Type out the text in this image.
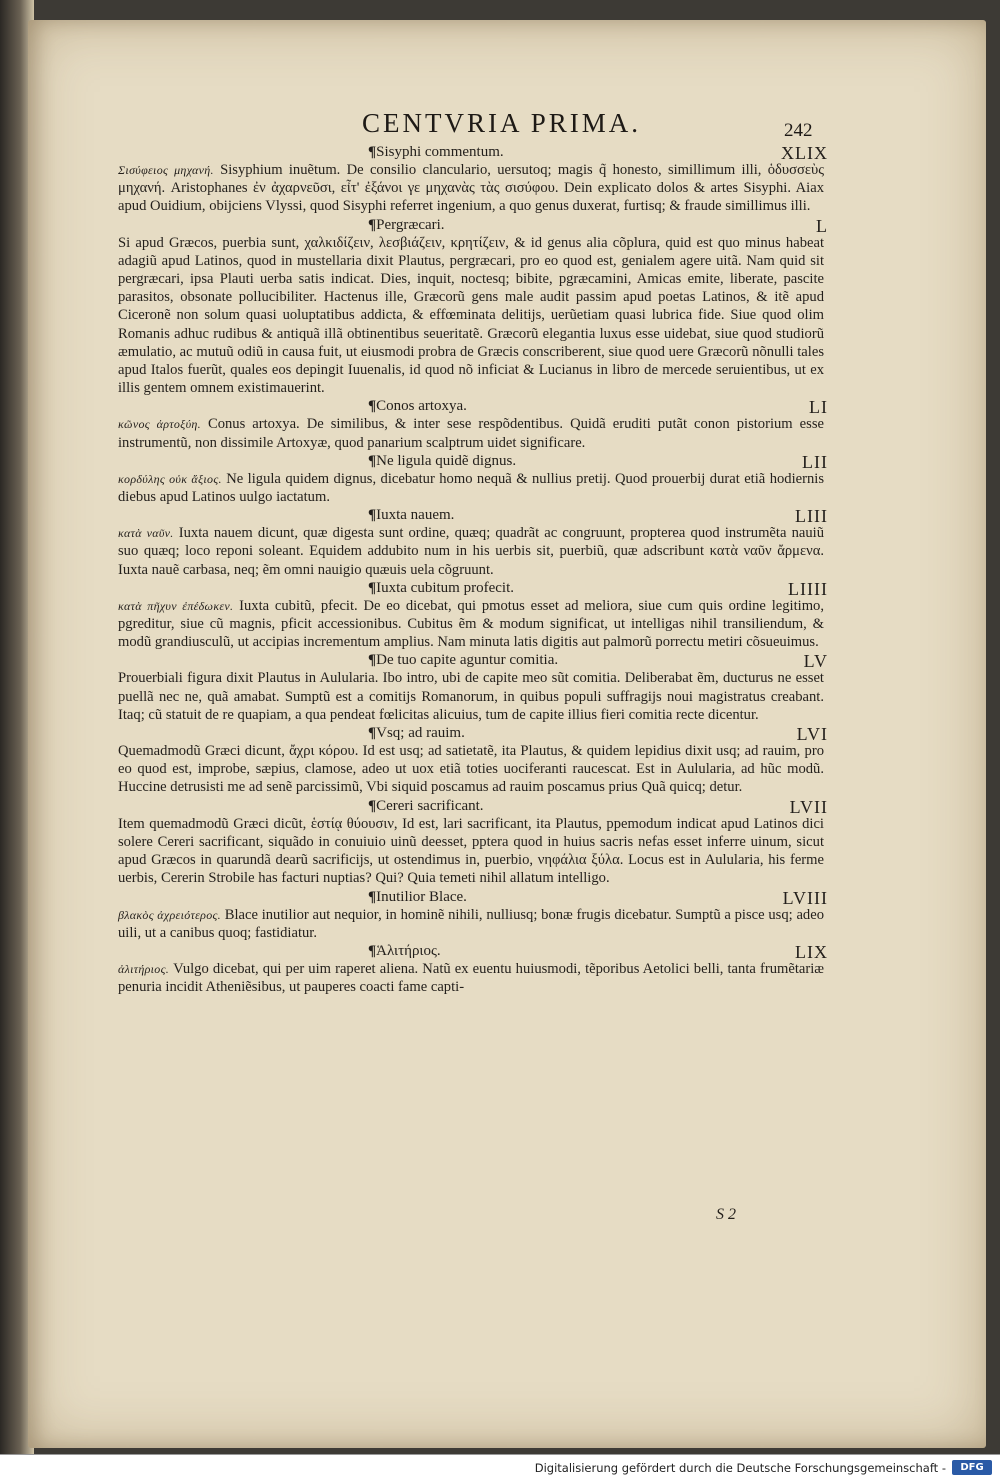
CENTVRIA PRIMA.	242
¶Sisyphi commentum.	XLIX
Σισύφειος μηχανή. Sisyphium inuẽtum. De consilio clanculario, uersutoq; magis q̃ honesto, simillimum illi, ὁδυσσεὺς μηχανή. Aristophanes ἐν ἀχαρνεῦσι, εἶτ' ἐξάνοι γε μηχανὰς τὰς σισύφου. Dein explicato dolos & artes Sisyphi. Aiax apud Ouidium, obijciens Vlyssi, quod Sisyphi referret ingenium, a quo genus duxerat, furtisq; & fraude simillimus illi.
¶Pergræcari.	L
Si apud Græcos, puerbia sunt, χαλκιδίζειν, λεσβιάζειν, κρητίζειν, & id genus alia cõplura, quid est quo minus habeat adagiũ apud Latinos, quod in mustellaria dixit Plautus, pergræcari, pro eo quod est, genialem agere uitã. Nam quid sit pergræcari, ipsa Plauti uerba satis indicat. Dies, inquit, noctesq; bibite, pgræcamini, Amicas emite, liberate, pascite parasitos, obsonate pollucibiliter. Hactenus ille, Græcorũ gens male audit passim apud poetas Latinos, & itẽ apud Ciceronẽ non solum quasi uoluptatibus addicta, & effœminata delitijs, uerũetiam quasi lubrica fide. Siue quod olim Romanis adhuc rudibus & antiquã illã obtinentibus seueritatẽ. Græcorũ elegantia luxus esse uidebat, siue quod studiorũ æmulatio, ac mutuũ odiũ in causa fuit, ut eiusmodi probra de Græcis conscriberent, siue quod uere Græcorũ nõnulli tales apud Italos fuerũt, quales eos depingit Iuuenalis, id quod nõ inficiat & Lucianus in libro de mercede seruientibus, ut ex illis gentem omnem existimauerint.
¶Conos artoxya.	LI
κῶνος ἀρτοξύη. Conus artoxya. De similibus, & inter sese respõdentibus. Quidã eruditi putãt conon pistorium esse instrumentũ, non dissimile Artoxyæ, quod panarium scalptrum uidet significare.
¶Ne ligula quidẽ dignus.	LII
κορδύλης οὐκ ἄξιος. Ne ligula quidem dignus, dicebatur homo nequã & nullius pretij. Quod prouerbij durat etiã hodiernis diebus apud Latinos uulgo iactatum.
¶Iuxta nauem.	LIII
κατὰ ναῦν. Iuxta nauem dicunt, quæ digesta sunt ordine, quæq; quadrãt ac congruunt, propterea quod instrumẽta nauiũ suo quæq; loco reponi soleant. Equidem addubito num in his uerbis sit, puerbiũ, quæ adscribunt κατὰ ναῦν ἄρμενα. Iuxta nauẽ carbasa, neq; ẽm omni nauigio quæuis uela cõgruunt.
¶Iuxta cubitum profecit.	LIIII
κατὰ πῆχυν ἐπέδωκεν. Iuxta cubitũ, pfecit. De eo dicebat, qui pmotus esset ad meliora, siue cum quis ordine legitimo, pgreditur, siue cũ magnis, pficit accessionibus. Cubitus ẽm & modum significat, ut intelligas nihil transiliendum, & modũ grandiusculũ, ut accipias incrementum amplius. Nam minuta latis digitis aut palmorũ porrectu metiri cõsueuimus.
¶De tuo capite aguntur comitia.	LV
Prouerbiali figura dixit Plautus in Aulularia. Ibo intro, ubi de capite meo sũt comitia. Deliberabat ẽm, ducturus ne esset puellã nec ne, quã amabat. Sumptũ est a comitijs Romanorum, in quibus populi suffragijs noui magistratus creabant. Itaq; cũ statuit de re quapiam, a qua pendeat fœlicitas alicuius, tum de capite illius fieri comitia recte dicentur.
¶Vsq; ad rauim.	LVI
Quemadmodũ Græci dicunt, ἄχρι κόρου. Id est usq; ad satietatẽ, ita Plautus, & quidem lepidius dixit usq; ad rauim, pro eo quod est, improbe, sæpius, clamose, adeo ut uox etiã toties uociferanti raucescat. Est in Aulularia, ad hũc modũ. Huccine detrusisti me ad senẽ parcissimũ, Vbi siquid poscamus ad rauim poscamus prius Quã quicq; detur.
¶Cereri sacrificant.	LVII
Item quemadmodũ Græci dicũt, ἑστίᾳ θύουσιν, Id est, lari sacrificant, ita Plautus, ppemodum indicat apud Latinos dici solere Cereri sacrificant, siquãdo in conuiuio uinũ deesset, pptera quod in huius sacris nefas esset inferre uinum, sicut apud Græcos in quarundã dearũ sacrificijs, ut ostendimus in, puerbio, νηφάλια ξύλα. Locus est in Aulularia, his ferme uerbis, Cererin Strobile has facturi nuptias? Qui? Quia temeti nihil allatum intelligo.
¶Inutilior Blace.	LVIII
βλακὸς ἀχρειότερος. Blace inutilior aut nequior, in hominẽ nihili, nulliusq; bonæ frugis dicebatur. Sumptũ a pisce usq; adeo uili, ut a canibus quoq; fastidiatur.
¶Ἁλιτήριος.	LIX
ἀλιτήριος. Vulgo dicebat, qui per uim raperet aliena. Natũ ex euentu huiusmodi, tẽporibus Aetolici belli, tanta frumẽtariæ penuria incidit Atheniẽsibus, ut pauperes coacti fame capti-
S 2
Digitalisierung gefördert durch die Deutsche Forschungsgemeinschaft -	DFG
